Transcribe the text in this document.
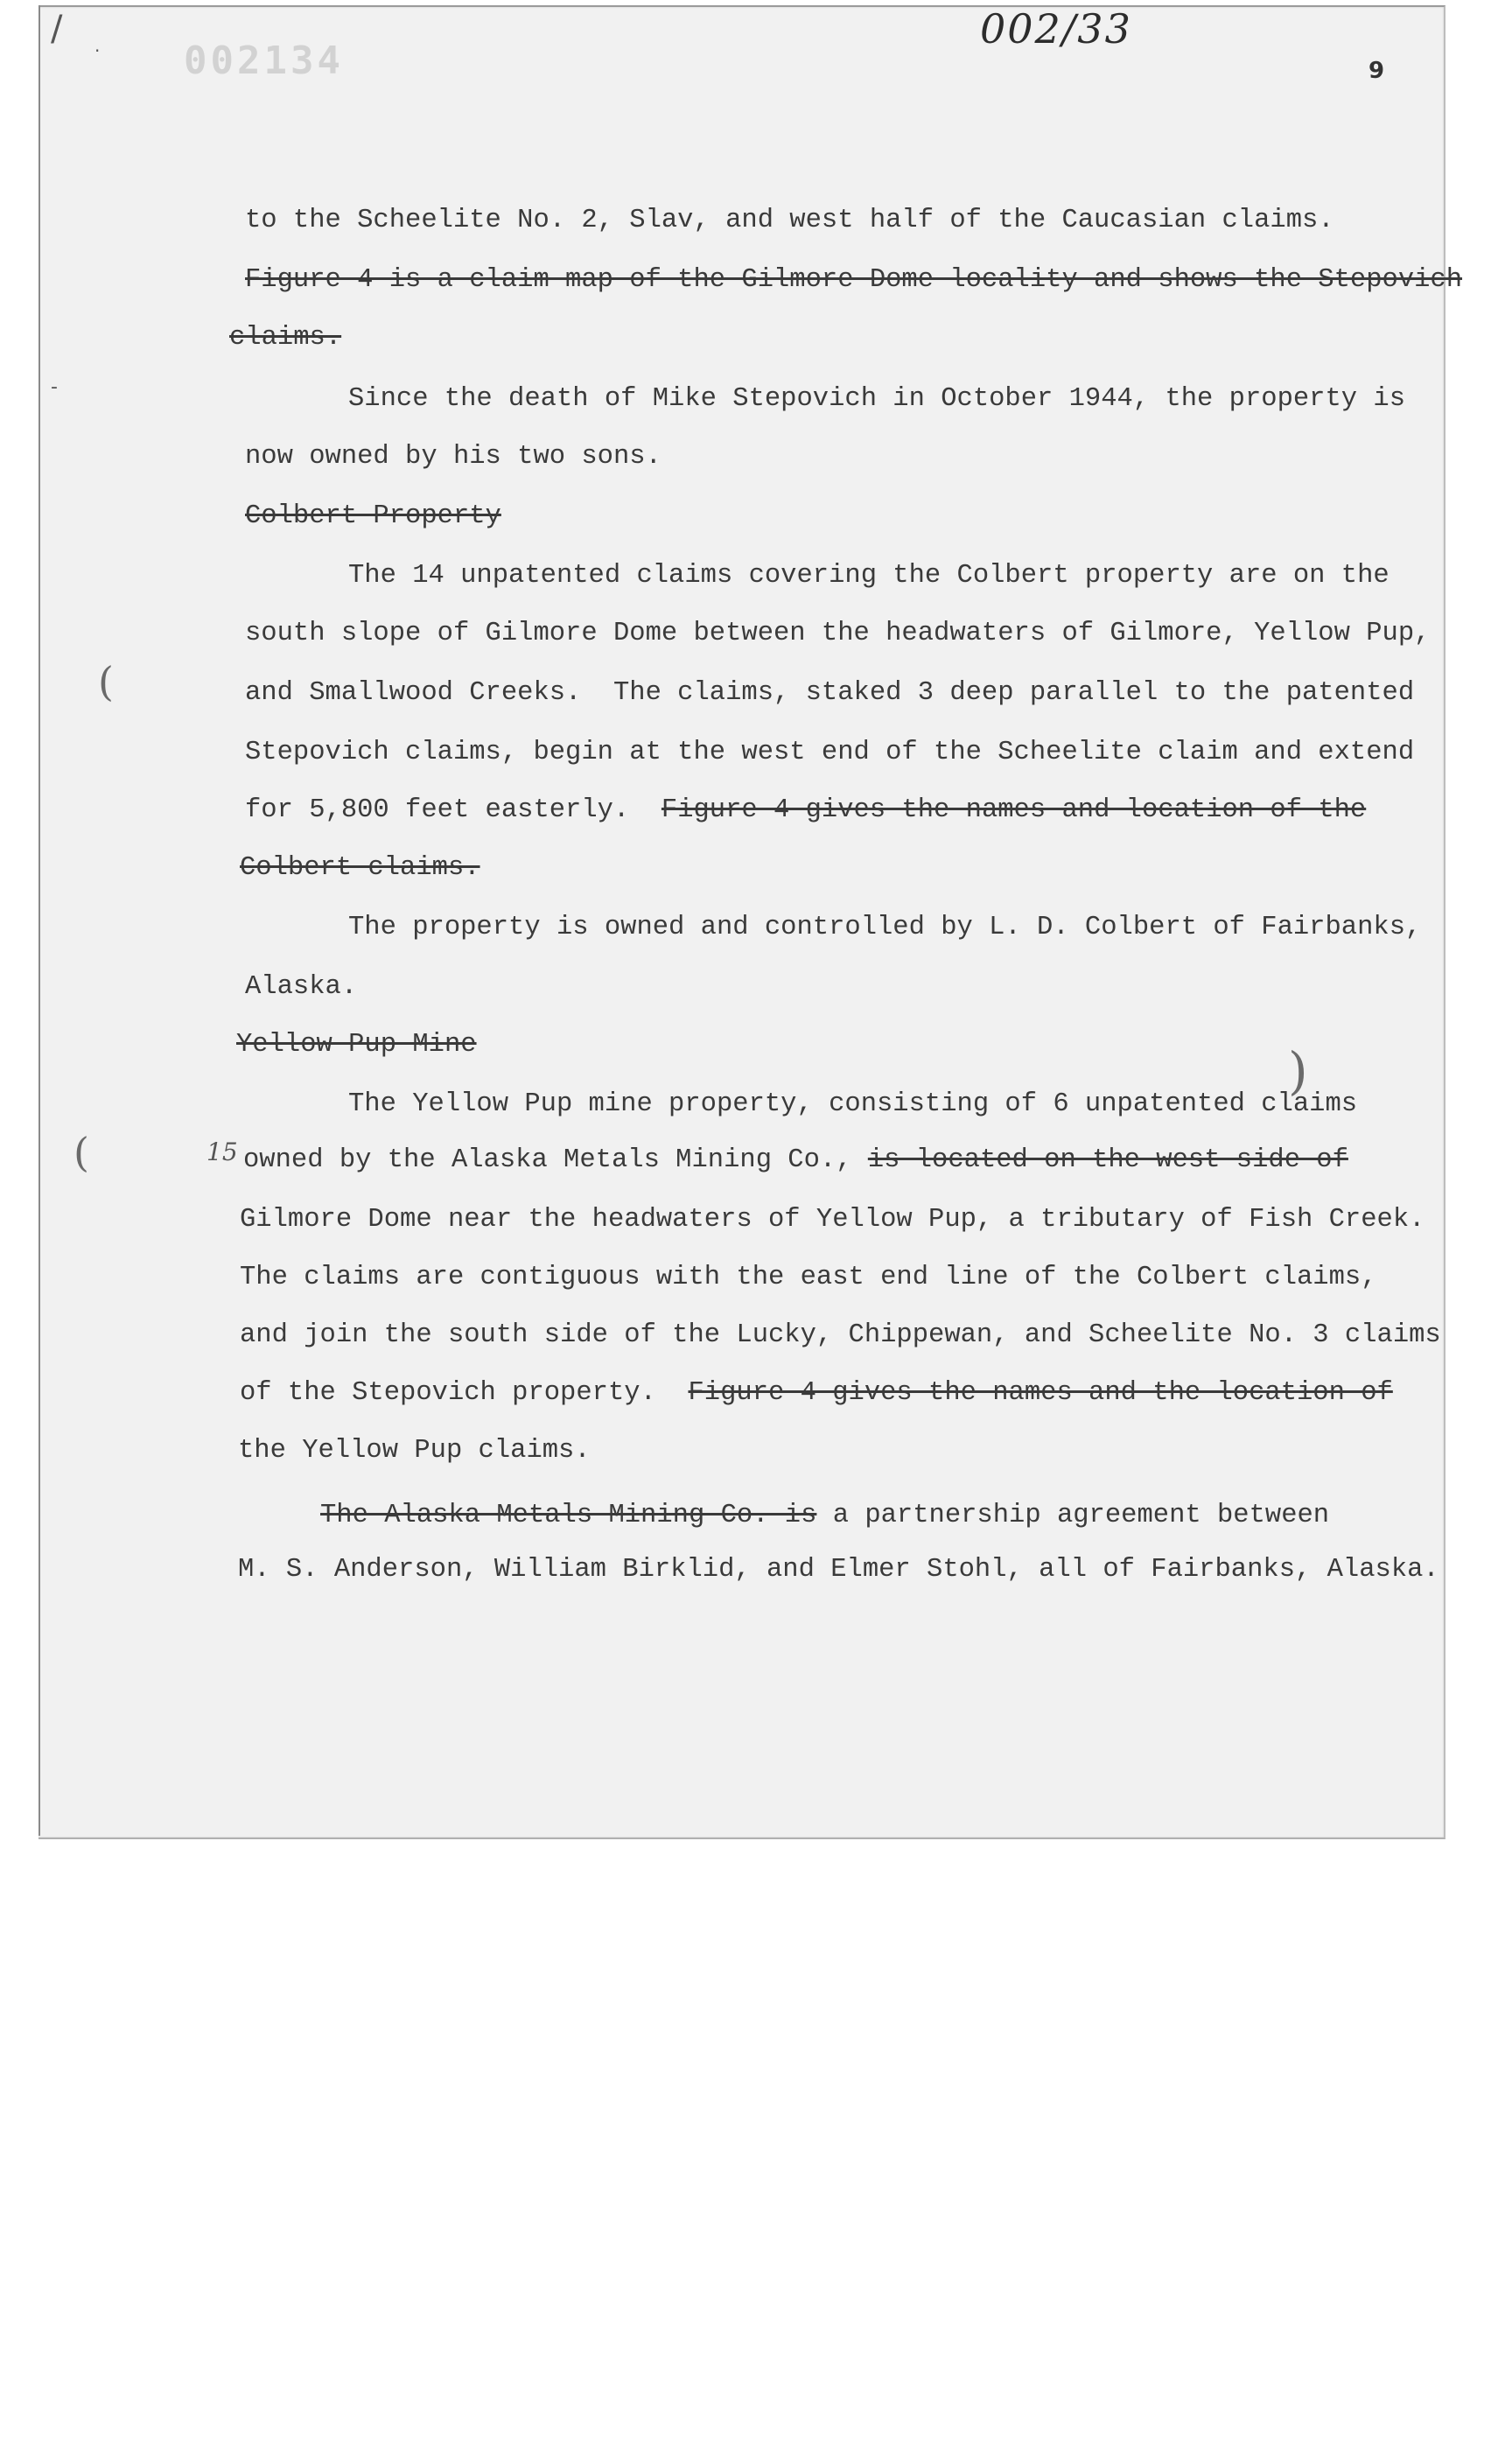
002134
002/33
9
/
·
-
(
(
)
15
to the Scheelite No. 2, Slav, and west half of the Caucasian claims.
Figure 4 is a claim map of the Gilmore Dome locality and shows the Stepovich
claims.
Since the death of Mike Stepovich in October 1944, the property is
now owned by his two sons.
Colbert Property
The 14 unpatented claims covering the Colbert property are on the
south slope of Gilmore Dome between the headwaters of Gilmore, Yellow Pup,
and Smallwood Creeks.  The claims, staked 3 deep parallel to the patented
Stepovich claims, begin at the west end of the Scheelite claim and extend
for 5,800 feet easterly.  Figure 4 gives the names and location of the
Colbert claims.
The property is owned and controlled by L. D. Colbert of Fairbanks,
Alaska.
Yellow Pup Mine
The Yellow Pup mine property, consisting of 6 unpatented claims
owned by the Alaska Metals Mining Co., is located on the west side of
Gilmore Dome near the headwaters of Yellow Pup, a tributary of Fish Creek.
The claims are contiguous with the east end line of the Colbert claims,
and join the south side of the Lucky, Chippewan, and Scheelite No. 3 claims
of the Stepovich property.  Figure 4 gives the names and the location of
the Yellow Pup claims.
The Alaska Metals Mining Co. is a partnership agreement between
M. S. Anderson, William Birklid, and Elmer Stohl, all of Fairbanks, Alaska.
